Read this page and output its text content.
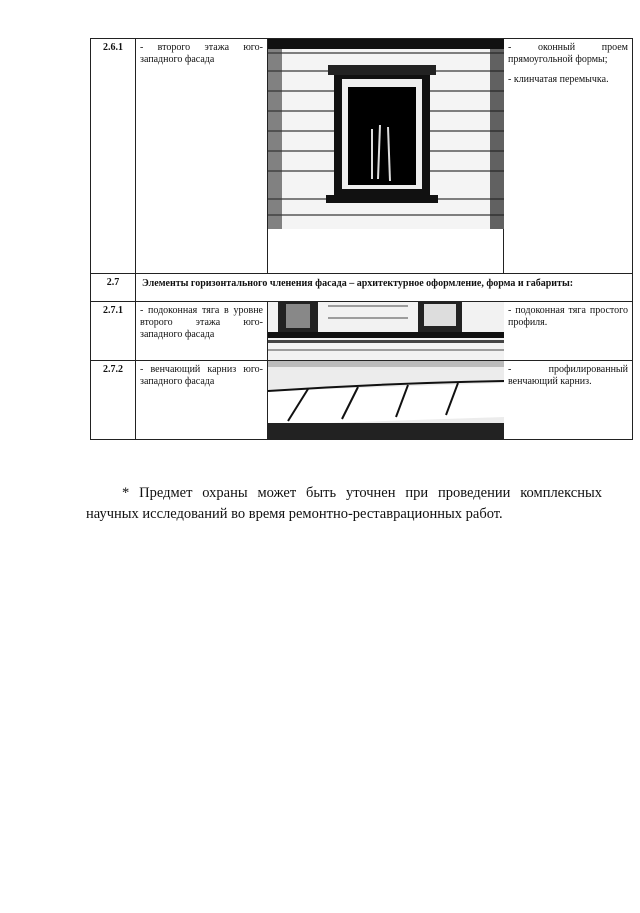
2.6.1	- второго этажа юго-западного фасада		- оконный проем прямоугольной формы;

- клинчатая перемычка.

2.7	Элементы горизонтального членения фасада – архитектурное оформление, форма и габариты:		
2.7.1	- подоконная тяга в уровне второго этажа юго-западного фасада		- подоконная тяга простого профиля.

2.7.2	- венчающий карниз юго-западного фасада		- профилированный венчающий карниз.

* Предмет охраны может быть уточнен при проведении комплексных научных исследований во время ремонтно-реставрационных работ.
